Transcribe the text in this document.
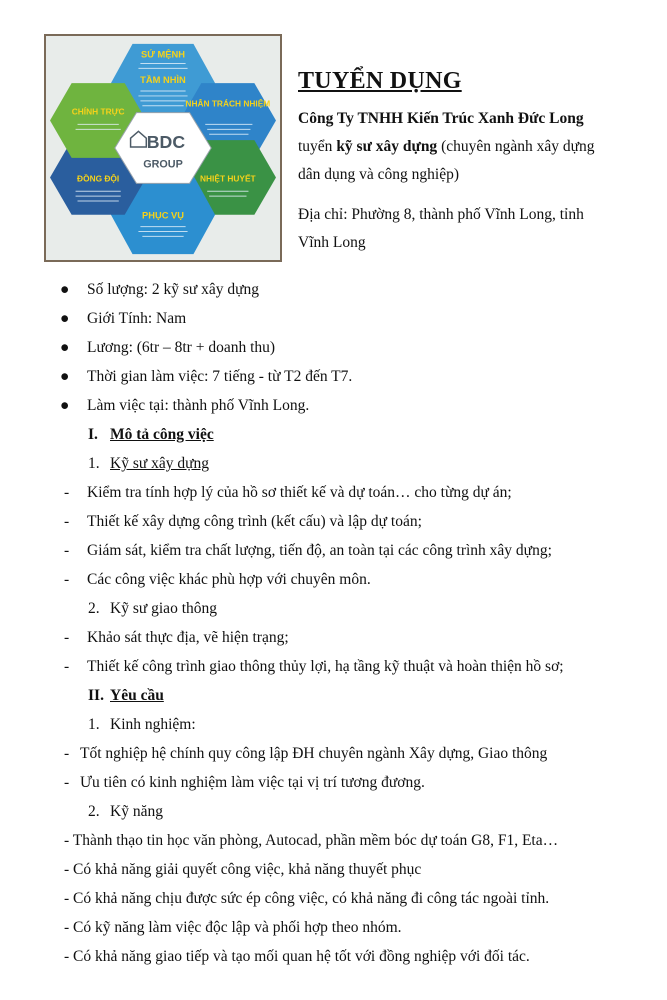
SỨ MỆNH
TẦM NHÌN
NHÂN TRÁCH NHIỆM
NHIỆT HUYẾT
PHỤC VỤ
ĐỒNG ĐỘI
CHÍNH TRỰC
BDC
GROUP
TUYỂN DỤNG

Công Ty TNHH Kiến Trúc Xanh Đức Long

tuyển kỹ sư xây dựng (chuyên ngành xây dựng

dân dụng và công nghiệp)

Địa chỉ: Phường 8, thành phố Vĩnh Long, tỉnh

Vĩnh Long

● Số lượng: 2 kỹ sư xây dựng
● Giới Tính: Nam
● Lương: (6tr – 8tr + doanh thu)
● Thời gian làm việc: 7 tiếng - từ T2 đến T7.
● Làm việc tại: thành phố Vĩnh Long.
I. Mô tả công việc
1. Kỹ sư xây dựng
- Kiểm tra tính hợp lý của hồ sơ thiết kế và dự toán… cho từng dự án;
- Thiết kế xây dựng công trình (kết cấu) và lập dự toán;
- Giám sát, kiểm tra chất lượng, tiến độ, an toàn tại các công trình xây dựng;
- Các công việc khác phù hợp với chuyên môn.
2. Kỹ sư giao thông
- Khảo sát thực địa, vẽ hiện trạng;
- Thiết kế công trình giao thông thủy lợi, hạ tầng kỹ thuật và hoàn thiện hồ sơ;
II. Yêu cầu
1. Kinh nghiệm:
- Tốt nghiệp hệ chính quy công lập ĐH chuyên ngành Xây dựng, Giao thông
- Ưu tiên có kinh nghiệm làm việc tại vị trí tương đương.
2. Kỹ năng
- Thành thạo tin học văn phòng, Autocad, phần mềm bóc dự toán G8, F1, Eta…
- Có khả năng giải quyết công việc, khả năng thuyết phục
- Có khả năng chịu được sức ép công việc, có khả năng đi công tác ngoài tỉnh.
- Có kỹ năng làm việc độc lập và phối hợp theo nhóm.
- Có khả năng giao tiếp và tạo mối quan hệ tốt với đồng nghiệp với đối tác.
